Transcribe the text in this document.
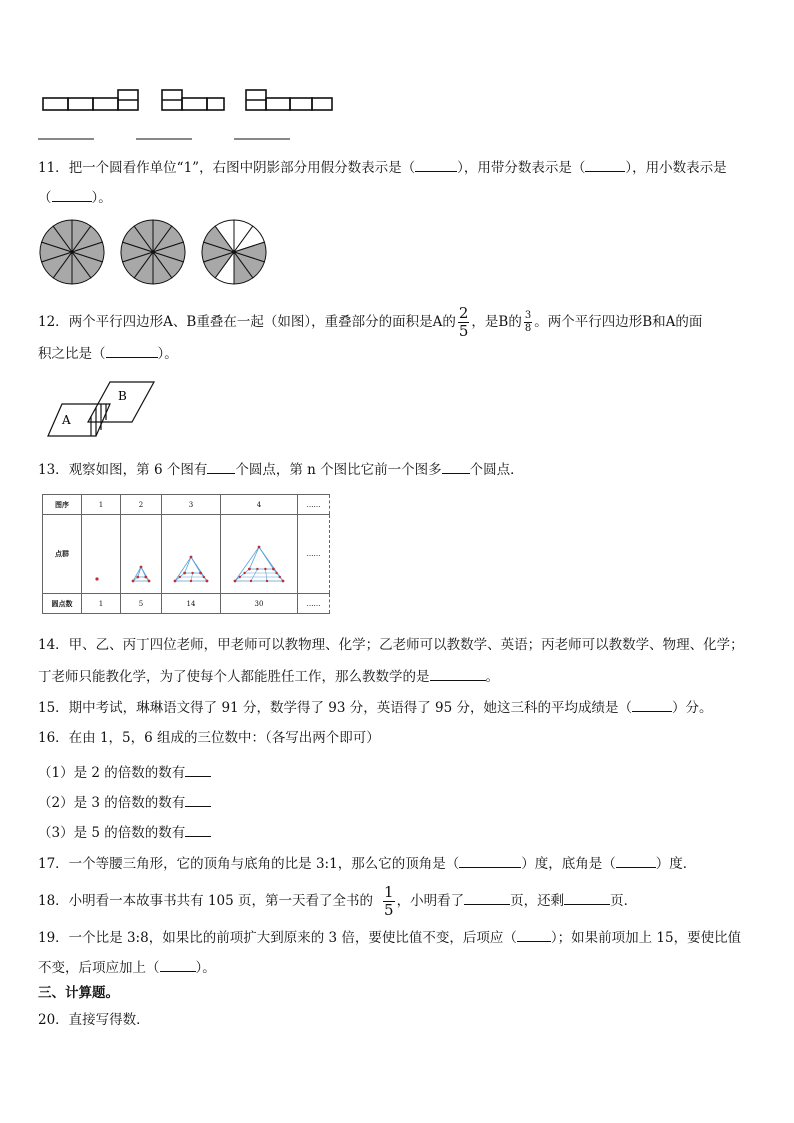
11．把一个圆看作单位“1”，右图中阴影部分用假分数表示是（	），用带分数表示是（	），用小数表示是
（	）。
12．两个平行四边形A、B重叠在一起（如图），重叠部分的面积是A的 $\frac{2}{5}$ ，是B的 $\frac{3}{8}$ 。两个平行四边形B和A的面
积之比是（	）。
A
B
13．观察如图，第 6 个图有 个圆点，第 n 个图比它前一个图多 个圆点．
图序	1	2	3	4	……
点群					……
圆点数	1	5	14	30	……
14．甲、乙、丙丁四位老师，甲老师可以教物理、化学；乙老师可以教数学、英语；丙老师可以教数学、物理、化学；
丁老师只能教化学，为了使每个人都能胜任工作，那么教数学的是	。
15．期中考试，琳琳语文得了 91 分，数学得了 93 分，英语得了 95 分，她这三科的平均成绩是（	）分。
16．在由 1，5，6 组成的三位数中：（各写出两个即可）
（1）是 2 的倍数的数有
（2）是 3 的倍数的数有
（3）是 5 的倍数的数有
17．一个等腰三角形，它的顶角与底角的比是 3:1，那么它的顶角是（	）度，底角是（	）度．
18．小明看一本故事书共有 105 页，第一天看了全书的 $\frac{1}{5}$ ，小明看了	页，还剩	页．
19．一个比是 3:8，如果比的前项扩大到原来的 3 倍，要使比值不变，后项应（	）；如果前项加上 15，要使比值
不变，后项应加上（	）。
三、计算题。
20．直接写得数．
